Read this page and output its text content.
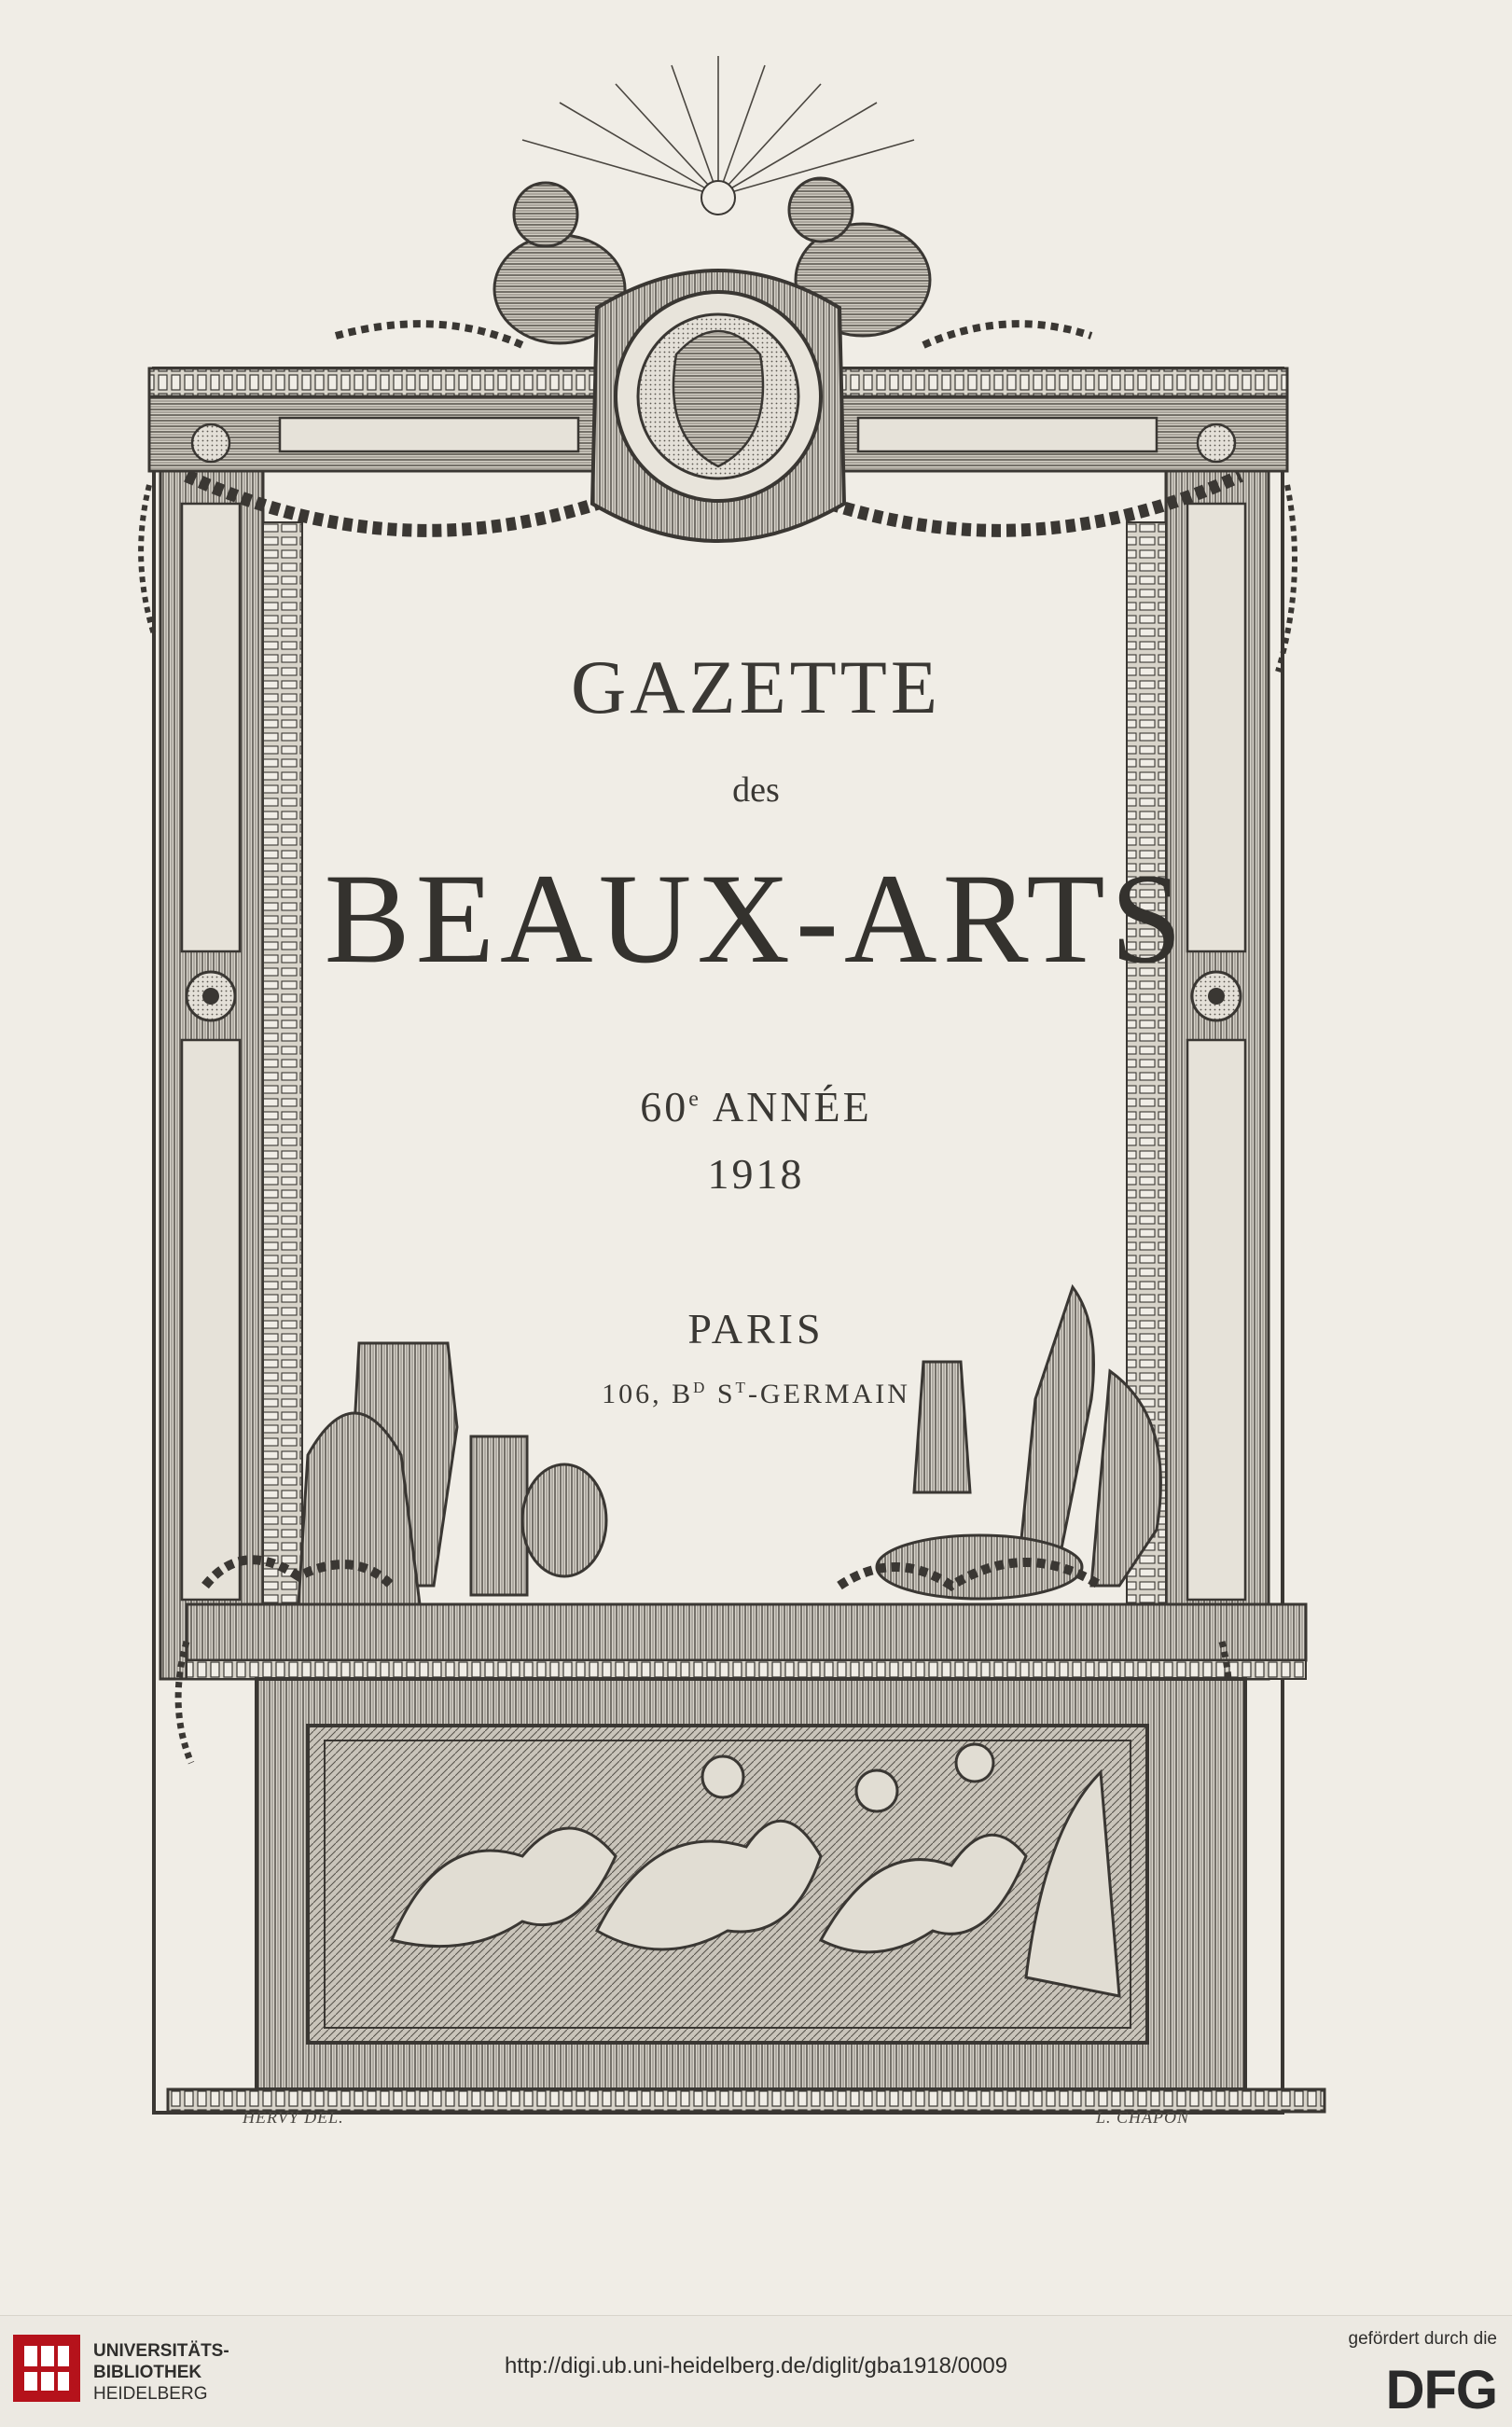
GAZETTE
des
BEAUX-ARTS
60e ANNÉE
1918
PARIS
106, $B^D$ $S^T$-GERMAIN
HERVY DEL.	L. CHAPON
UNIVERSITÄTS-
BIBLIOTHEK
HEIDELBERG
http://digi.ub.uni-heidelberg.de/diglit/gba1918/0009
gefördert durch die
DFG
